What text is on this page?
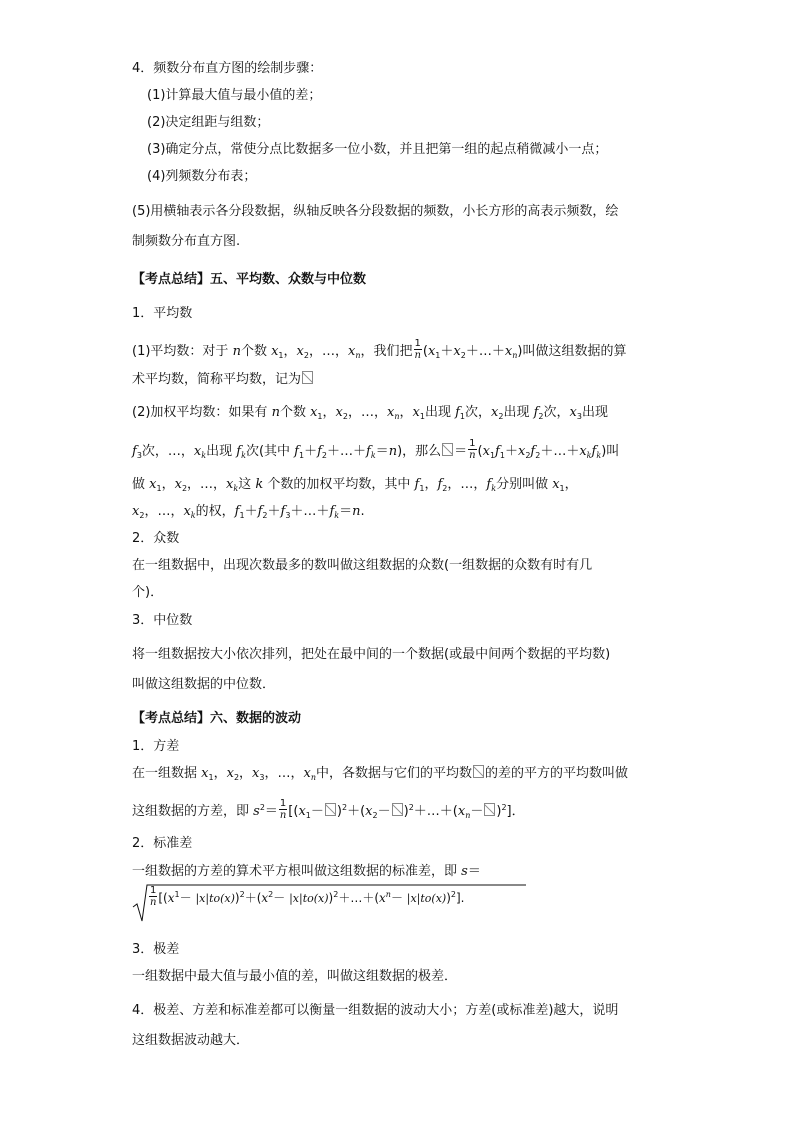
4．频数分布直方图的绘制步骤：
(1)计算最大值与最小值的差；
(2)决定组距与组数；
(3)确定分点，常使分点比数据多一位小数，并且把第一组的起点稍微减小一点；
(4)列频数分布表；
(5)用横轴表示各分段数据，纵轴反映各分段数据的频数，小长方形的高表示频数，绘
制频数分布直方图.
【考点总结】五、平均数、众数与中位数
1．平均数
(1)平均数：对于 n个数 $x_1$，$x_2$，…，$x_n$，我们把 $\frac{1}{n}$ $(x_1+x_2+\dots+x_n)$叫做这组数据的算
术平均数，简称平均数，记为
(2)加权平均数：如果有 n个数 $x_1$，$x_2$，…，$x_n$，$x_1$出现 $f_1$次，$x_2$出现 $f_2$次，$x_3$出现
$f_3$次，…，$x_k$出现 $f_k$次(其中 $f_1+f_2+\dots+f_k=n$)，那么 ＝ $\frac{1}{n}$ $(x_1f_1+x_2f_2+\dots+x_kf_k)$叫
做 $x_1$，$x_2$，…，$x_k$这 k 个数的加权平均数，其中 $f_1$，$f_2$，…，$f_k$分别叫做 $x_1$，
$x_2$，…，$x_k$的权，$f_1+f_2+f_3+\dots+f_k=n$.
2．众数
在一组数据中，出现次数最多的数叫做这组数据的众数(一组数据的众数有时有几
个)．
3．中位数
将一组数据按大小依次排列，把处在最中间的一个数据(或最中间两个数据的平均数)
叫做这组数据的中位数．
【考点总结】六、数据的波动
1．方差
在一组数据 $x_1$，$x_2$，$x_3$，…，$x_n$中，各数据与它们的平均数 的差的平方的平均数叫做
这组数据的方差，即 $s^2= \frac{1}{n} [(x_1- )^2+(x_2-$ )$^2+\dots+(x_n- )^2$]．
2．标准差
一组数据的方差的算术平方根叫做这组数据的标准差，即 s＝
$\frac{1}{n} [(x^1- |x|to(x))^2+(x^2-$ $|x|to(x))^2+\dots+(x^n- |x|to(x))^2$].
3．极差
一组数据中最大值与最小值的差，叫做这组数据的极差．
4．极差、方差和标准差都可以衡量一组数据的波动大小；方差(或标准差)越大，说明
这组数据波动越大．
